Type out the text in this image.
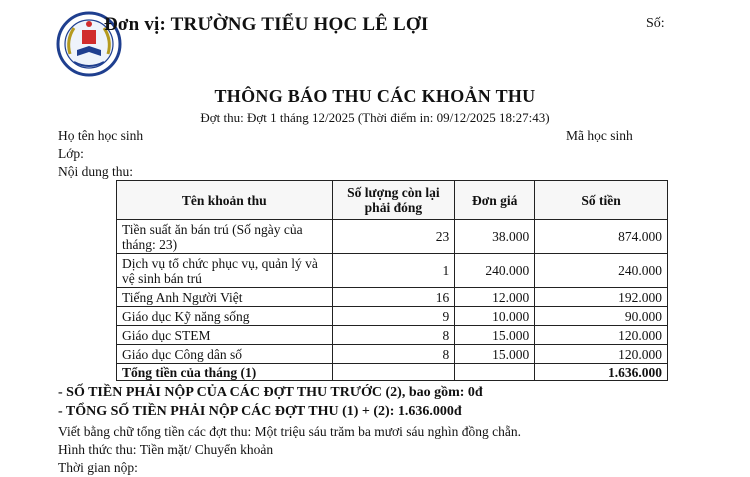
Đơn vị: TRƯỜNG TIỂU HỌC LÊ LỢI	Số:
THÔNG BÁO THU CÁC KHOẢN THU
Đợt thu: Đợt 1 tháng 12/2025 (Thời điểm in: 09/12/2025 18:27:43)
Họ tên học sinh	Mã học sinh
Lớp:
Nội dung thu:
Tên khoản thu	Số lượng còn lại phải đóng	Đơn giá	Số tiền
Tiền suất ăn bán trú (Số ngày của tháng: 23)	23	38.000	874.000
Dịch vụ tổ chức phục vụ, quản lý và vệ sinh bán trú	1	240.000	240.000
Tiếng Anh Người Việt	16	12.000	192.000
Giáo dục Kỹ năng sống	9	10.000	90.000
Giáo dục STEM	8	15.000	120.000
Giáo dục Công dân số	8	15.000	120.000
Tổng tiền của tháng (1)			1.636.000
- SỐ TIỀN PHẢI NỘP CỦA CÁC ĐỢT THU TRƯỚC (2), bao gồm: 0đ
- TỔNG SỐ TIỀN PHẢI NỘP CÁC ĐỢT THU (1) + (2): 1.636.000đ
Viết bằng chữ tổng tiền các đợt thu: Một triệu sáu trăm ba mươi sáu nghìn đồng chẵn.
Hình thức thu: Tiền mặt/ Chuyển khoản
Thời gian nộp:
